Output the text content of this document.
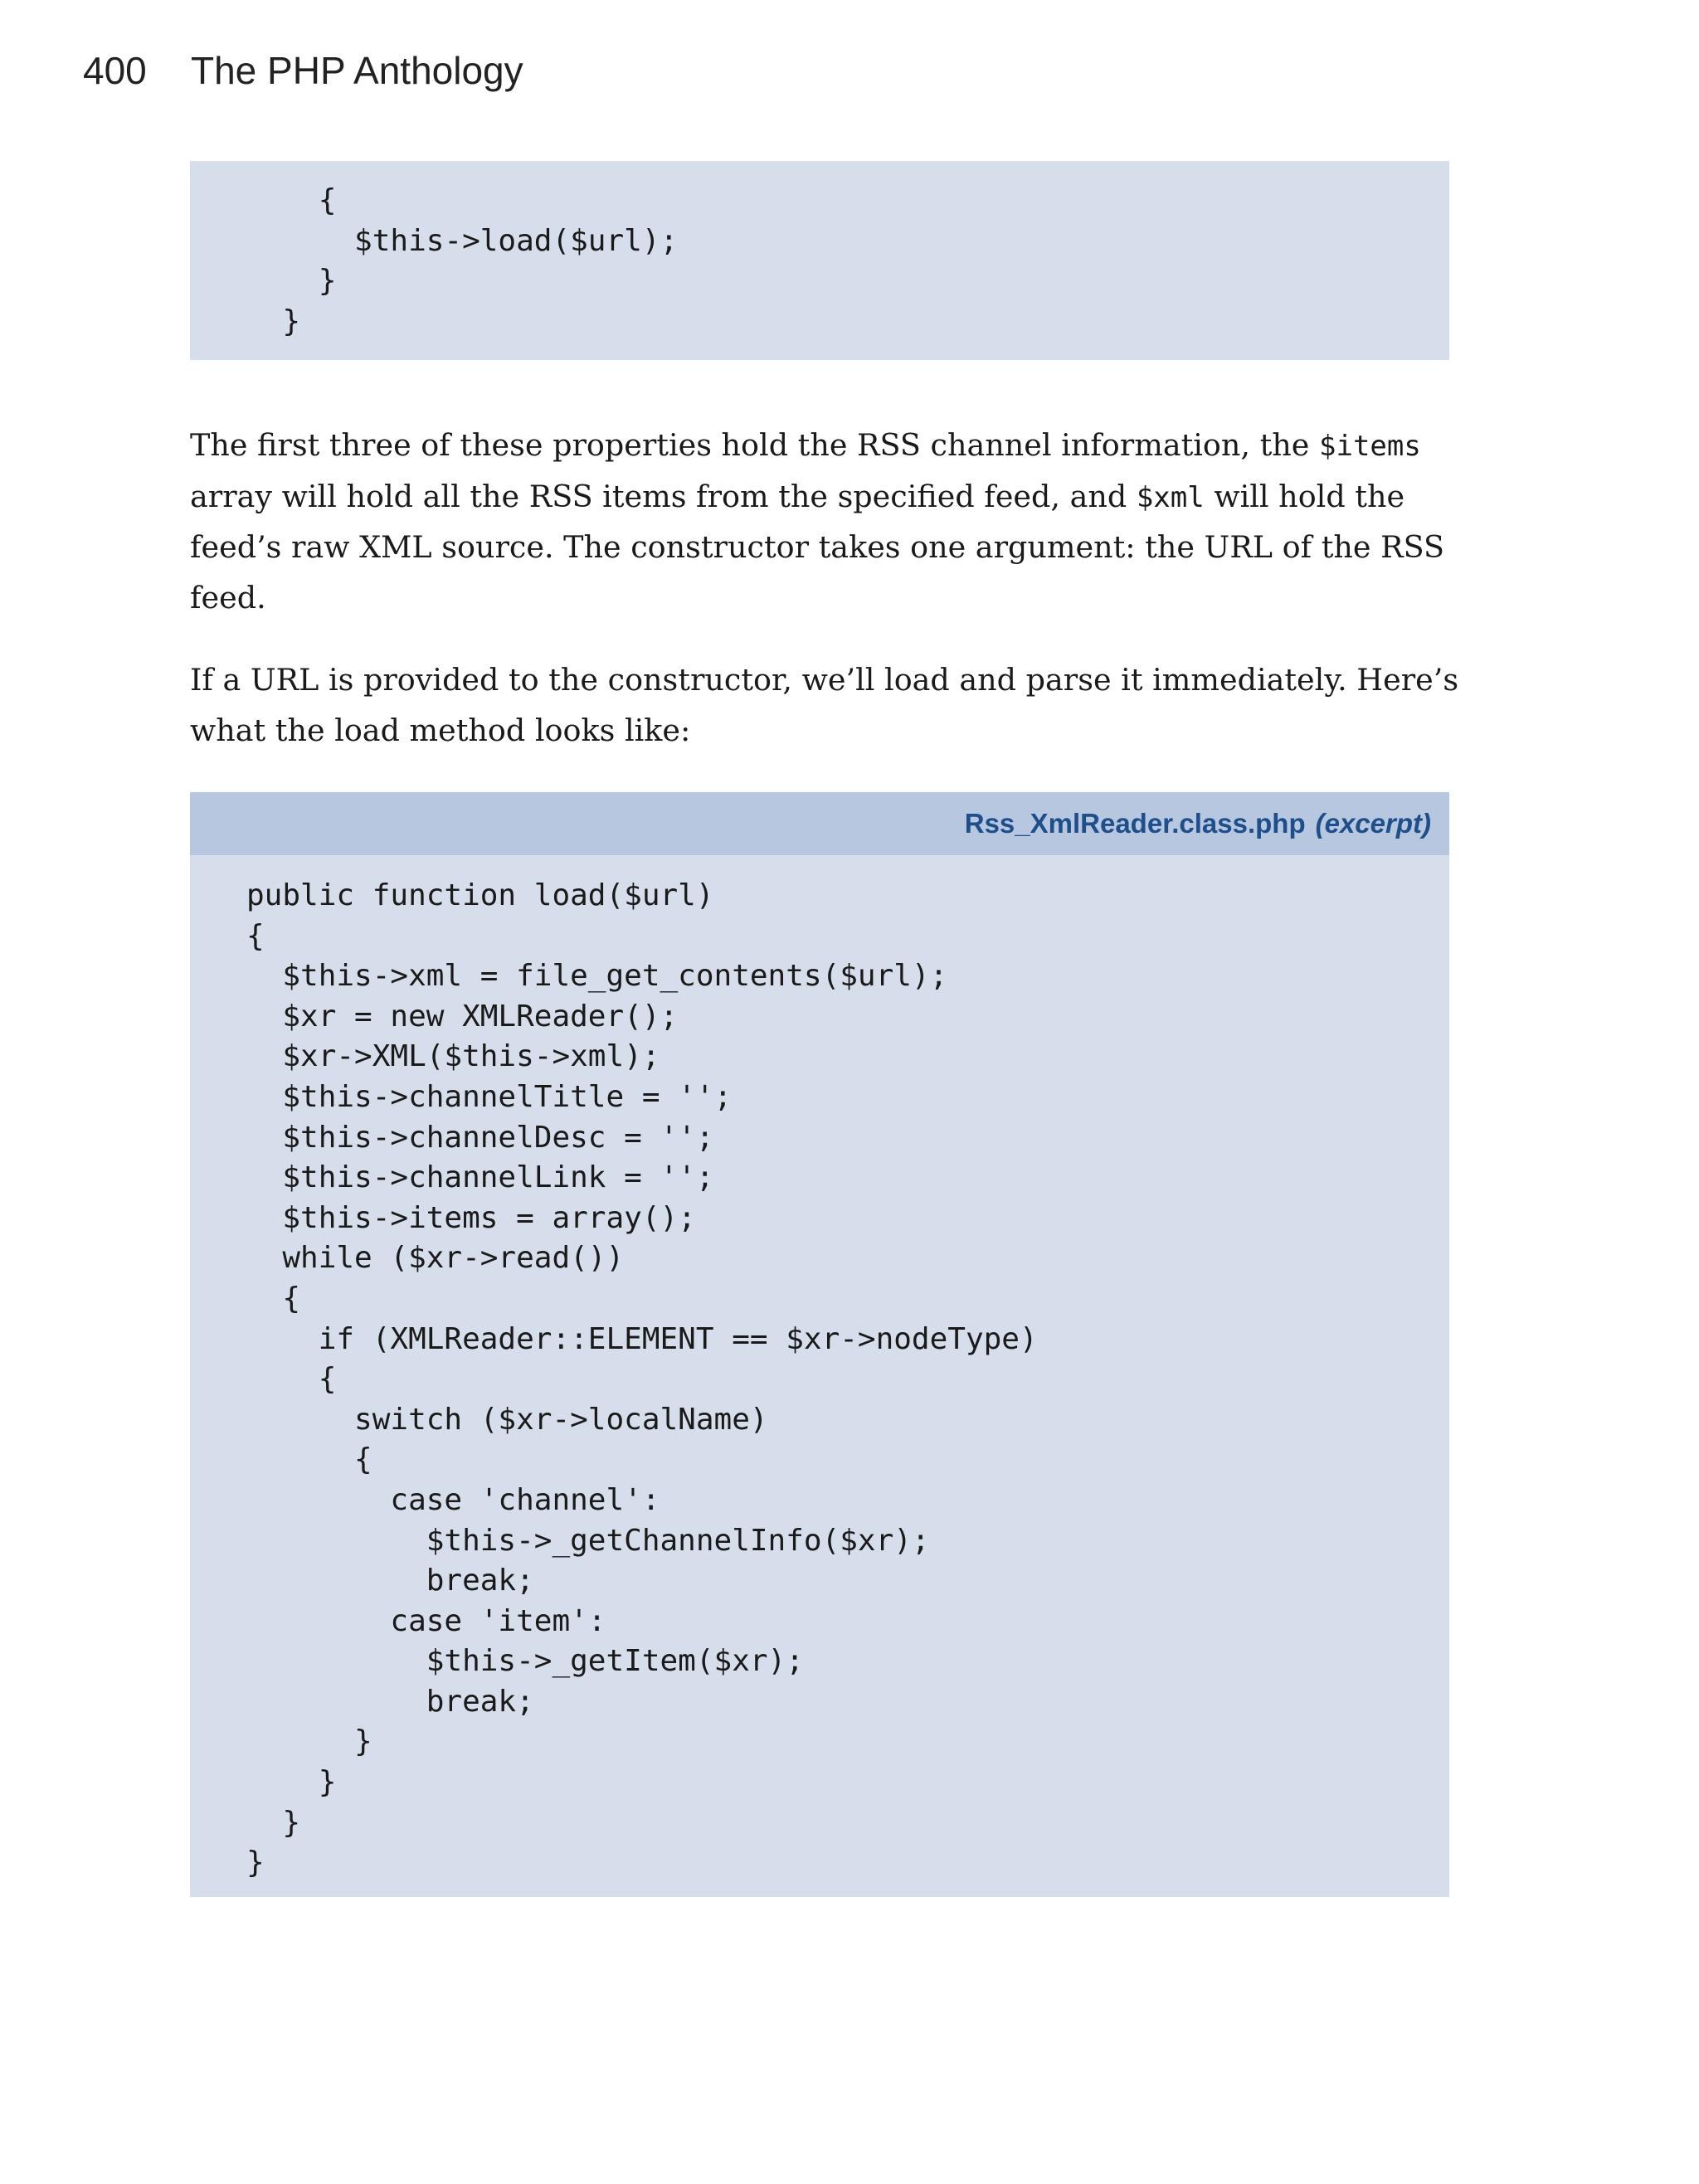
400	The PHP Anthology
{
$this->load($url);
}
}

The first three of these properties hold the RSS channel information, the $items array will hold all the RSS items from the specified feed, and $xml will hold the feed’s raw XML source. The constructor takes one argument: the URL of the RSS feed.

If a URL is provided to the constructor, we’ll load and parse it immediately. Here’s what the load method looks like:

Rss_XmlReader.class.php (excerpt)
public function load($url)
{
$this->xml = file_get_contents($url);
$xr = new XMLReader();
$xr->XML($this->xml);
$this->channelTitle = '';
$this->channelDesc = '';
$this->channelLink = '';
$this->items = array();
while ($xr->read())
{
if (XMLReader::ELEMENT == $xr->nodeType)
{
switch ($xr->localName)
{
case 'channel':
$this->_getChannelInfo($xr);
break;
case 'item':
$this->_getItem($xr);
break;
}
}
}
}
